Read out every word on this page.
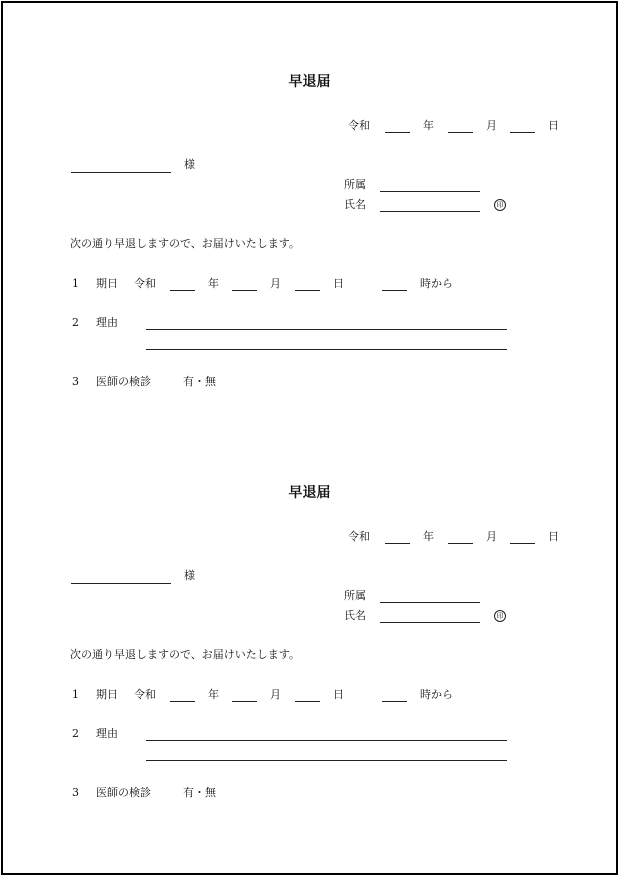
早退届
令和	年	月	日
様
所属
氏名	印
次の通り早退しますので、お届けいたします。
1 期日 令和	年	月	日	時から
2 理由
3 医師の検診	有・無
早退届
令和	年	月	日
様
所属
氏名	印
次の通り早退しますので、お届けいたします。
1 期日 令和	年	月	日	時から
2 理由
3 医師の検診	有・無
